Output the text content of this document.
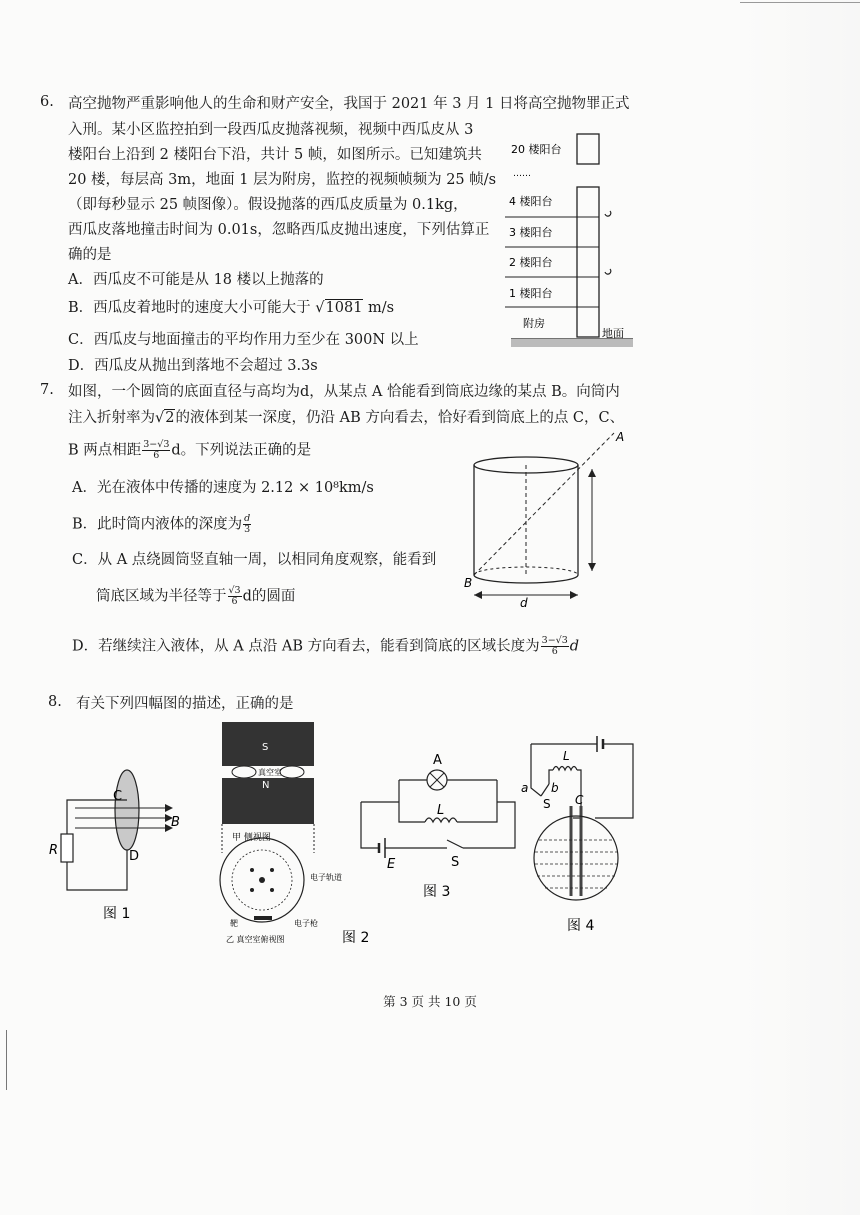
6. 高空抛物严重影响他人的生命和财产安全，我国于 2021 年 3 月 1 日将高空抛物罪正式
入刑。某小区监控拍到一段西瓜皮抛落视频，视频中西瓜皮从 3
楼阳台上沿到 2 楼阳台下沿，共计 5 帧，如图所示。已知建筑共
20 楼，每层高 3m，地面 1 层为附房，监控的视频帧频为 25 帧/s
（即每秒显示 25 帧图像）。假设抛落的西瓜皮质量为 0.1kg，
西瓜皮落地撞击时间为 0.01s，忽略西瓜皮抛出速度，下列估算正
确的是
A．西瓜皮不可能是从 18 楼以上抛落的
B．西瓜皮着地时的速度大小可能大于 √1081 m/s
C．西瓜皮与地面撞击的平均作用力至少在 300N 以上
D．西瓜皮从抛出到落地不会超过 3.3s
20 楼阳台
……
4 楼阳台
3 楼阳台
2 楼阳台
1 楼阳台
附房
地面
7. 如图，一个圆筒的底面直径与高均为d，从某点 A 恰能看到筒底边缘的某点 B。向筒内
注入折射率为√2的液体到某一深度，仍沿 AB 方向看去，恰好看到筒底上的点 C，C、
B 两点相距 $\frac{3-√3}{6}$ d。下列说法正确的是
A．光在液体中传播的速度为 2.12 × 10⁸km/s
B．此时筒内液体的深度为 $\frac{d}{3}$
C．从 A 点绕圆筒竖直轴一周，以相同角度观察，能看到
筒底区域为半径等于 $\frac{√3}{6}$ d的圆面
D．若继续注入液体，从 A 点沿 AB 方向看去，能看到筒底的区域长度为 $\frac{3-√3}{6}$ d
A
B
d
8. 有关下列四幅图的描述，正确的是
C
B
R	D
图 1
S
真空室
N
甲 侧视图
电子轨道
靶	电子枪
乙 真空室俯视图	图 2
A
L
E	S
图 3
L
a b
S C
图 4
第 3 页 共 10 页
